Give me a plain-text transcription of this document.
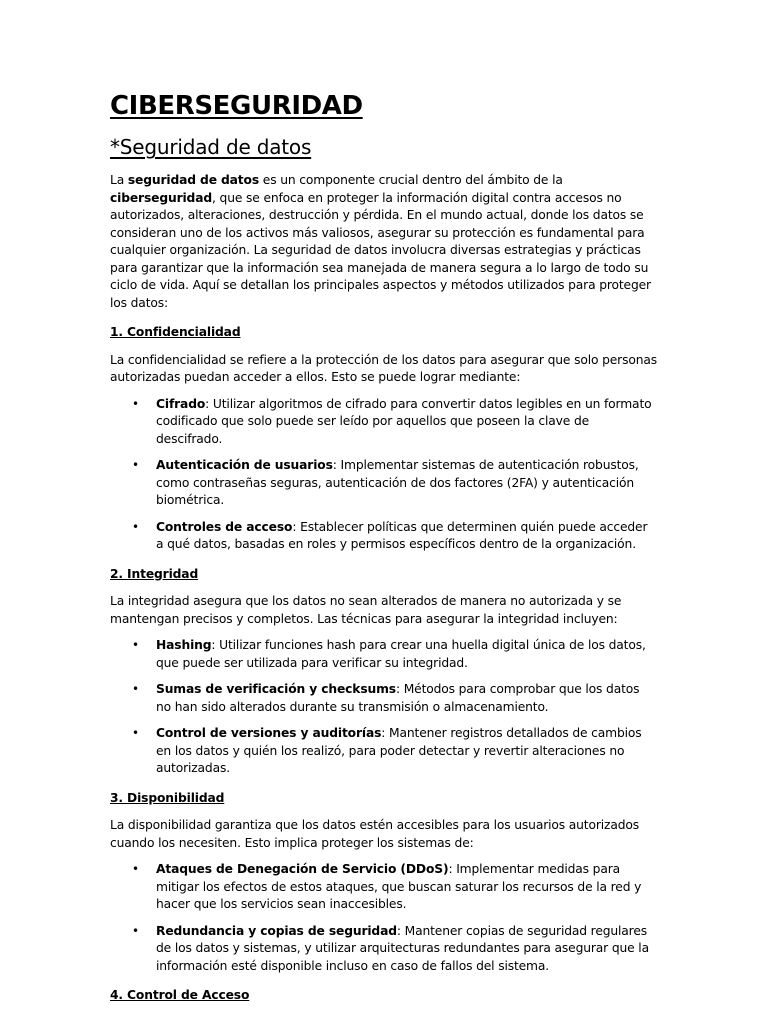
CIBERSEGURIDAD
*Seguridad de datos

La seguridad de datos es un componente crucial dentro del ámbito de la ciberseguridad, que se enfoca en proteger la información digital contra accesos no autorizados, alteraciones, destrucción y pérdida. En el mundo actual, donde los datos se consideran uno de los activos más valiosos, asegurar su protección es fundamental para cualquier organización. La seguridad de datos involucra diversas estrategias y prácticas para garantizar que la información sea manejada de manera segura a lo largo de todo su ciclo de vida. Aquí se detallan los principales aspectos y métodos utilizados para proteger los datos:

1. Confidencialidad

La confidencialidad se refiere a la protección de los datos para asegurar que solo personas autorizadas puedan acceder a ellos. Esto se puede lograr mediante:

• Cifrado: Utilizar algoritmos de cifrado para convertir datos legibles en un formato codificado que solo puede ser leído por aquellos que poseen la clave de descifrado.
• Autenticación de usuarios: Implementar sistemas de autenticación robustos, como contraseñas seguras, autenticación de dos factores (2FA) y autenticación biométrica.
• Controles de acceso: Establecer políticas que determinen quién puede acceder a qué datos, basadas en roles y permisos específicos dentro de la organización.
2. Integridad

La integridad asegura que los datos no sean alterados de manera no autorizada y se mantengan precisos y completos. Las técnicas para asegurar la integridad incluyen:

• Hashing: Utilizar funciones hash para crear una huella digital única de los datos, que puede ser utilizada para verificar su integridad.
• Sumas de verificación y checksums: Métodos para comprobar que los datos no han sido alterados durante su transmisión o almacenamiento.
• Control de versiones y auditorías: Mantener registros detallados de cambios en los datos y quién los realizó, para poder detectar y revertir alteraciones no autorizadas.
3. Disponibilidad

La disponibilidad garantiza que los datos estén accesibles para los usuarios autorizados cuando los necesiten. Esto implica proteger los sistemas de:

• Ataques de Denegación de Servicio (DDoS): Implementar medidas para mitigar los efectos de estos ataques, que buscan saturar los recursos de la red y hacer que los servicios sean inaccesibles.
• Redundancia y copias de seguridad: Mantener copias de seguridad regulares de los datos y sistemas, y utilizar arquitecturas redundantes para asegurar que la información esté disponible incluso en caso de fallos del sistema.
4. Control de Acceso
